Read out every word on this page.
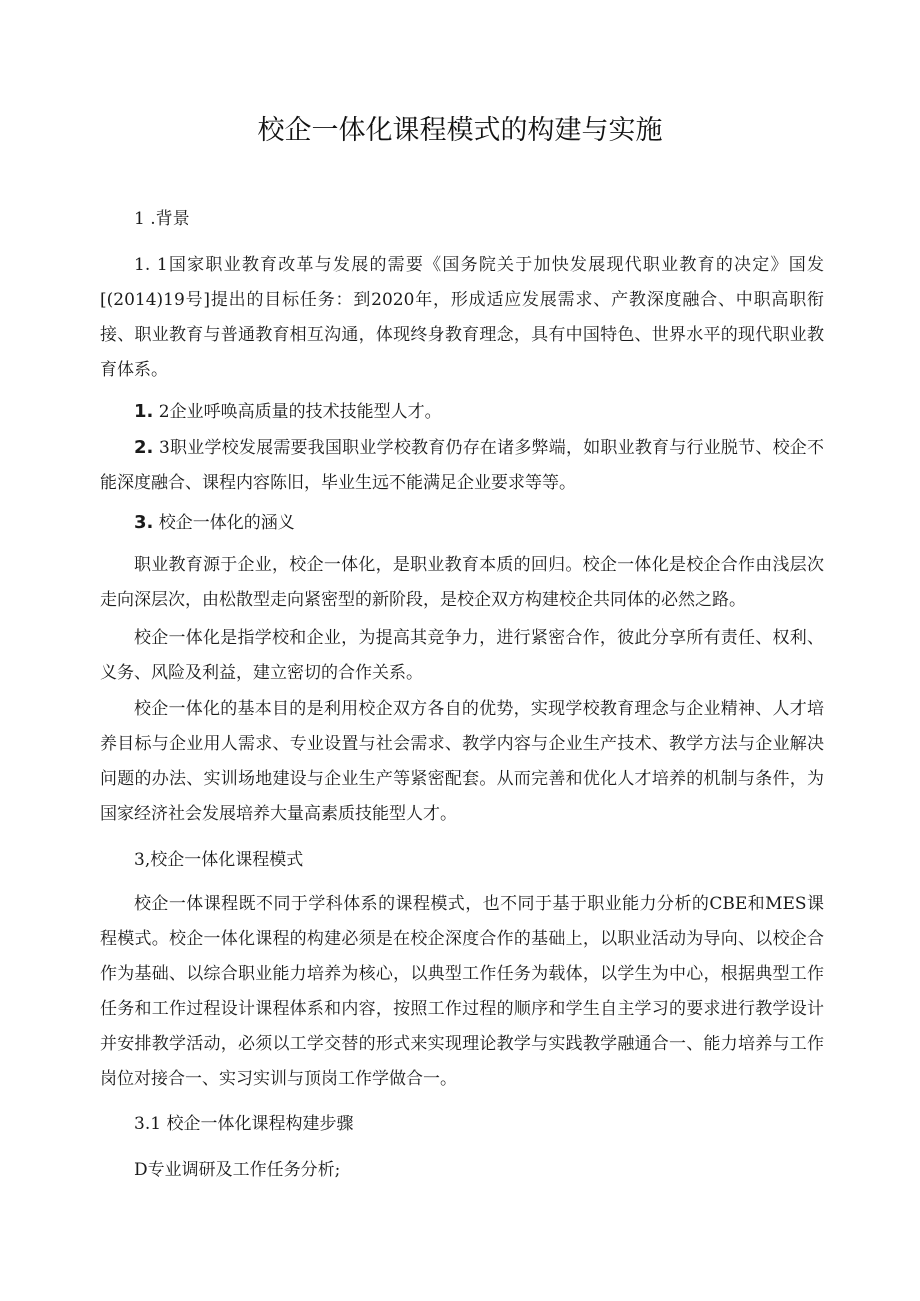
校企一体化课程模式的构建与实施
1 .背景
1. 1国家职业教育改革与发展的需要《国务院关于加快发展现代职业教育的决定》国发[(2014)19号]提出的目标任务：到2020年，形成适应发展需求、产教深度融合、中职高职衔接、职业教育与普通教育相互沟通，体现终身教育理念，具有中国特色、世界水平的现代职业教育体系。
1. 2企业呼唤高质量的技术技能型人才。
2. 3职业学校发展需要我国职业学校教育仍存在诸多弊端，如职业教育与行业脱节、校企不能深度融合、课程内容陈旧，毕业生远不能满足企业要求等等。
3. 校企一体化的涵义
职业教育源于企业，校企一体化，是职业教育本质的回归。校企一体化是校企合作由浅层次走向深层次，由松散型走向紧密型的新阶段，是校企双方构建校企共同体的必然之路。
校企一体化是指学校和企业，为提高其竞争力，进行紧密合作，彼此分享所有责任、权利、义务、风险及利益，建立密切的合作关系。
校企一体化的基本目的是利用校企双方各自的优势，实现学校教育理念与企业精神、人才培养目标与企业用人需求、专业设置与社会需求、教学内容与企业生产技术、教学方法与企业解决问题的办法、实训场地建设与企业生产等紧密配套。从而完善和优化人才培养的机制与条件，为国家经济社会发展培养大量高素质技能型人才。
3,校企一体化课程模式
校企一体课程既不同于学科体系的课程模式，也不同于基于职业能力分析的CBE和MES课程模式。校企一体化课程的构建必须是在校企深度合作的基础上，以职业活动为导向、以校企合作为基础、以综合职业能力培养为核心，以典型工作任务为载体，以学生为中心，根据典型工作任务和工作过程设计课程体系和内容，按照工作过程的顺序和学生自主学习的要求进行教学设计并安排教学活动，必须以工学交替的形式来实现理论教学与实践教学融通合一、能力培养与工作岗位对接合一、实习实训与顶岗工作学做合一。
3.1 校企一体化课程构建步骤
D专业调研及工作任务分析;
